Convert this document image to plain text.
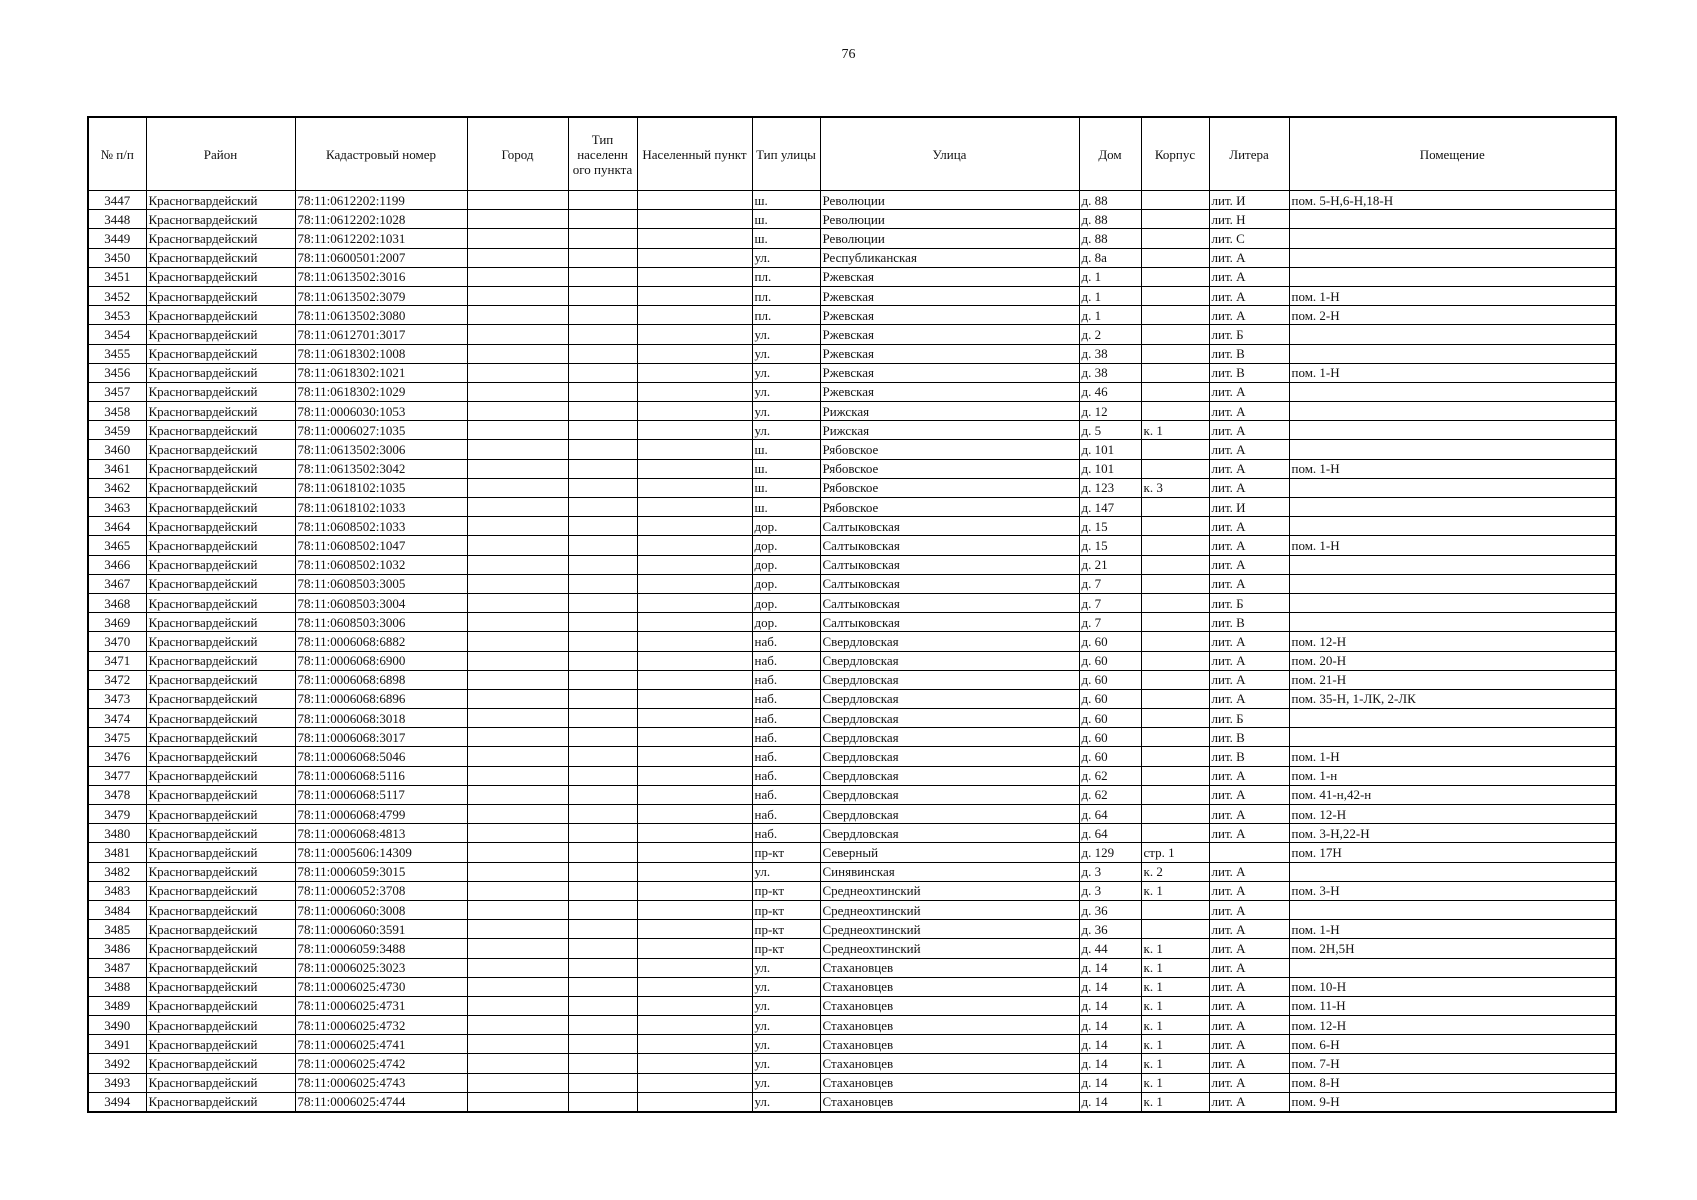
76
№ п/п	Район	Кадастровый номер	Город	Тип населенн ого пункта	Населенный пункт	Тип улицы	Улица	Дом	Корпус	Литера	Помещение
3447	Красногвардейский	78:11:0612202:1199				ш.	Революции	д. 88		лит. И	пом. 5-Н,6-Н,18-Н
3448	Красногвардейский	78:11:0612202:1028				ш.	Революции	д. 88		лит. Н	
3449	Красногвардейский	78:11:0612202:1031				ш.	Революции	д. 88		лит. С	
3450	Красногвардейский	78:11:0600501:2007				ул.	Республиканская	д. 8а		лит. А	
3451	Красногвардейский	78:11:0613502:3016				пл.	Ржевская	д. 1		лит. А	
3452	Красногвардейский	78:11:0613502:3079				пл.	Ржевская	д. 1		лит. А	пом. 1-Н
3453	Красногвардейский	78:11:0613502:3080				пл.	Ржевская	д. 1		лит. А	пом. 2-Н
3454	Красногвардейский	78:11:0612701:3017				ул.	Ржевская	д. 2		лит. Б	
3455	Красногвардейский	78:11:0618302:1008				ул.	Ржевская	д. 38		лит. В	
3456	Красногвардейский	78:11:0618302:1021				ул.	Ржевская	д. 38		лит. В	пом. 1-Н
3457	Красногвардейский	78:11:0618302:1029				ул.	Ржевская	д. 46		лит. А	
3458	Красногвардейский	78:11:0006030:1053				ул.	Рижская	д. 12		лит. А	
3459	Красногвардейский	78:11:0006027:1035				ул.	Рижская	д. 5	к. 1	лит. А	
3460	Красногвардейский	78:11:0613502:3006				ш.	Рябовское	д. 101		лит. А	
3461	Красногвардейский	78:11:0613502:3042				ш.	Рябовское	д. 101		лит. А	пом. 1-Н
3462	Красногвардейский	78:11:0618102:1035				ш.	Рябовское	д. 123	к. 3	лит. А	
3463	Красногвардейский	78:11:0618102:1033				ш.	Рябовское	д. 147		лит. И	
3464	Красногвардейский	78:11:0608502:1033				дор.	Салтыковская	д. 15		лит. А	
3465	Красногвардейский	78:11:0608502:1047				дор.	Салтыковская	д. 15		лит. А	пом. 1-Н
3466	Красногвардейский	78:11:0608502:1032				дор.	Салтыковская	д. 21		лит. А	
3467	Красногвардейский	78:11:0608503:3005				дор.	Салтыковская	д. 7		лит. А	
3468	Красногвардейский	78:11:0608503:3004				дор.	Салтыковская	д. 7		лит. Б	
3469	Красногвардейский	78:11:0608503:3006				дор.	Салтыковская	д. 7		лит. В	
3470	Красногвардейский	78:11:0006068:6882				наб.	Свердловская	д. 60		лит. А	пом. 12-Н
3471	Красногвардейский	78:11:0006068:6900				наб.	Свердловская	д. 60		лит. А	пом. 20-Н
3472	Красногвардейский	78:11:0006068:6898				наб.	Свердловская	д. 60		лит. А	пом. 21-Н
3473	Красногвардейский	78:11:0006068:6896				наб.	Свердловская	д. 60		лит. А	пом. 35-Н, 1-ЛК, 2-ЛК
3474	Красногвардейский	78:11:0006068:3018				наб.	Свердловская	д. 60		лит. Б	
3475	Красногвардейский	78:11:0006068:3017				наб.	Свердловская	д. 60		лит. В	
3476	Красногвардейский	78:11:0006068:5046				наб.	Свердловская	д. 60		лит. В	пом. 1-Н
3477	Красногвардейский	78:11:0006068:5116				наб.	Свердловская	д. 62		лит. А	пом. 1-н
3478	Красногвардейский	78:11:0006068:5117				наб.	Свердловская	д. 62		лит. А	пом. 41-н,42-н
3479	Красногвардейский	78:11:0006068:4799				наб.	Свердловская	д. 64		лит. А	пом. 12-Н
3480	Красногвардейский	78:11:0006068:4813				наб.	Свердловская	д. 64		лит. А	пом. 3-Н,22-Н
3481	Красногвардейский	78:11:0005606:14309				пр-кт	Северный	д. 129	стр. 1		пом. 17Н
3482	Красногвардейский	78:11:0006059:3015				ул.	Синявинская	д. 3	к. 2	лит. А	
3483	Красногвардейский	78:11:0006052:3708				пр-кт	Среднеохтинский	д. 3	к. 1	лит. А	пом. 3-Н
3484	Красногвардейский	78:11:0006060:3008				пр-кт	Среднеохтинский	д. 36		лит. А	
3485	Красногвардейский	78:11:0006060:3591				пр-кт	Среднеохтинский	д. 36		лит. А	пом. 1-Н
3486	Красногвардейский	78:11:0006059:3488				пр-кт	Среднеохтинский	д. 44	к. 1	лит. А	пом. 2Н,5Н
3487	Красногвардейский	78:11:0006025:3023				ул.	Стахановцев	д. 14	к. 1	лит. А	
3488	Красногвардейский	78:11:0006025:4730				ул.	Стахановцев	д. 14	к. 1	лит. А	пом. 10-Н
3489	Красногвардейский	78:11:0006025:4731				ул.	Стахановцев	д. 14	к. 1	лит. А	пом. 11-Н
3490	Красногвардейский	78:11:0006025:4732				ул.	Стахановцев	д. 14	к. 1	лит. А	пом. 12-Н
3491	Красногвардейский	78:11:0006025:4741				ул.	Стахановцев	д. 14	к. 1	лит. А	пом. 6-Н
3492	Красногвардейский	78:11:0006025:4742				ул.	Стахановцев	д. 14	к. 1	лит. А	пом. 7-Н
3493	Красногвардейский	78:11:0006025:4743				ул.	Стахановцев	д. 14	к. 1	лит. А	пом. 8-Н
3494	Красногвардейский	78:11:0006025:4744				ул.	Стахановцев	д. 14	к. 1	лит. А	пом. 9-Н
